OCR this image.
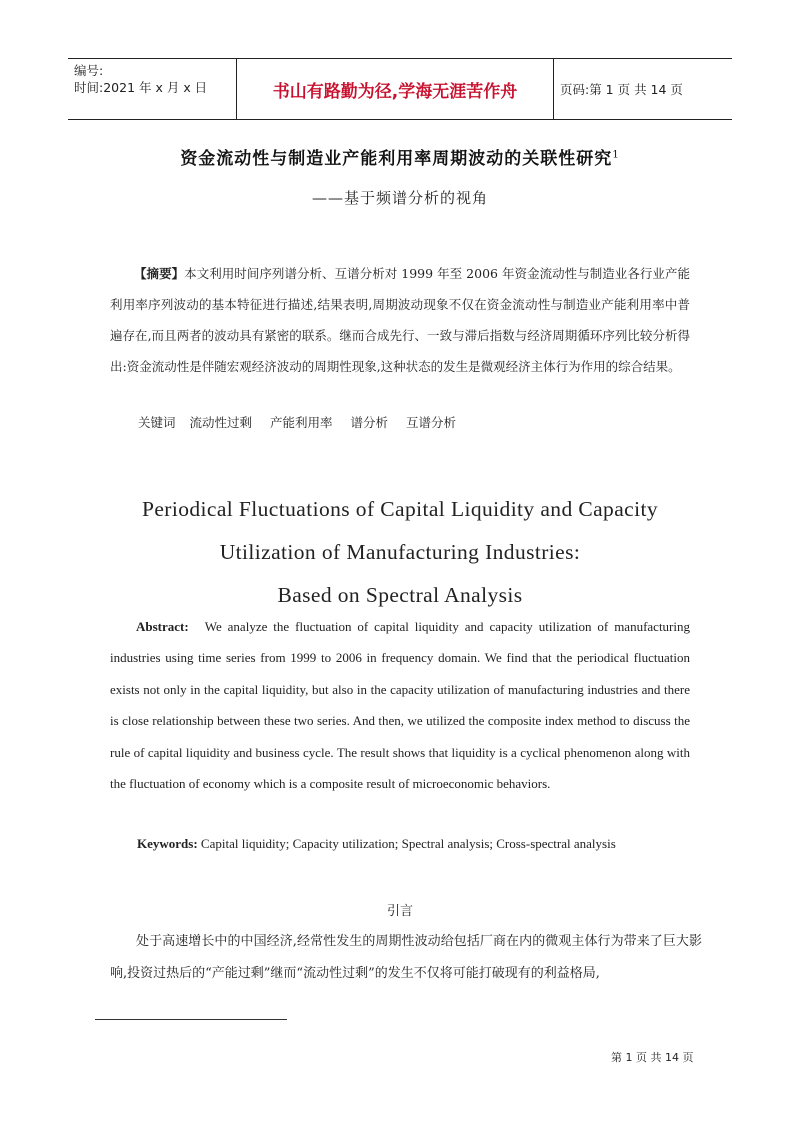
编号:
时间:2021 年 x 月 x 日	书山有路勤为径,学海无涯苦作舟	页码:第 1 页 共 14 页
资金流动性与制造业产能利用率周期波动的关联性研究$^1$
——基于频谱分析的视角
【摘要】本文利用时间序列谱分析、互谱分析对 1999 年至 2006 年资金流动性与制造业各行业产能利用率序列波动的基本特征进行描述,结果表明,周期波动现象不仅在资金流动性与制造业产能利用率中普遍存在,而且两者的波动具有紧密的联系。继而合成先行、一致与滞后指数与经济周期循环序列比较分析得出:资金流动性是伴随宏观经济波动的周期性现象,这种状态的发生是微观经济主体行为作用的综合结果。
关键词 流动性过剩 产能利用率 谱分析 互谱分析
Periodical Fluctuations of Capital Liquidity and Capacity
Utilization of Manufacturing Industries:
Based on Spectral Analysis
Abstract: We analyze the fluctuation of capital liquidity and capacity utilization of manufacturing industries using time series from 1999 to 2006 in frequency domain. We find that the periodical fluctuation exists not only in the capital liquidity, but also in the capacity utilization of manufacturing industries and there is close relationship between these two series. And then, we utilized the composite index method to discuss the rule of capital liquidity and business cycle. The result shows that liquidity is a cyclical phenomenon along with the fluctuation of economy which is a composite result of microeconomic behaviors.
Keywords: Capital liquidity; Capacity utilization; Spectral analysis; Cross-spectral analysis
引言
处于高速增长中的中国经济,经常性发生的周期性波动给包括厂商在内的微观主体行为带来了巨大影响,投资过热后的“产能过剩”继而“流动性过剩”的发生不仅将可能打破现有的利益格局,
第 1 页 共 14 页
